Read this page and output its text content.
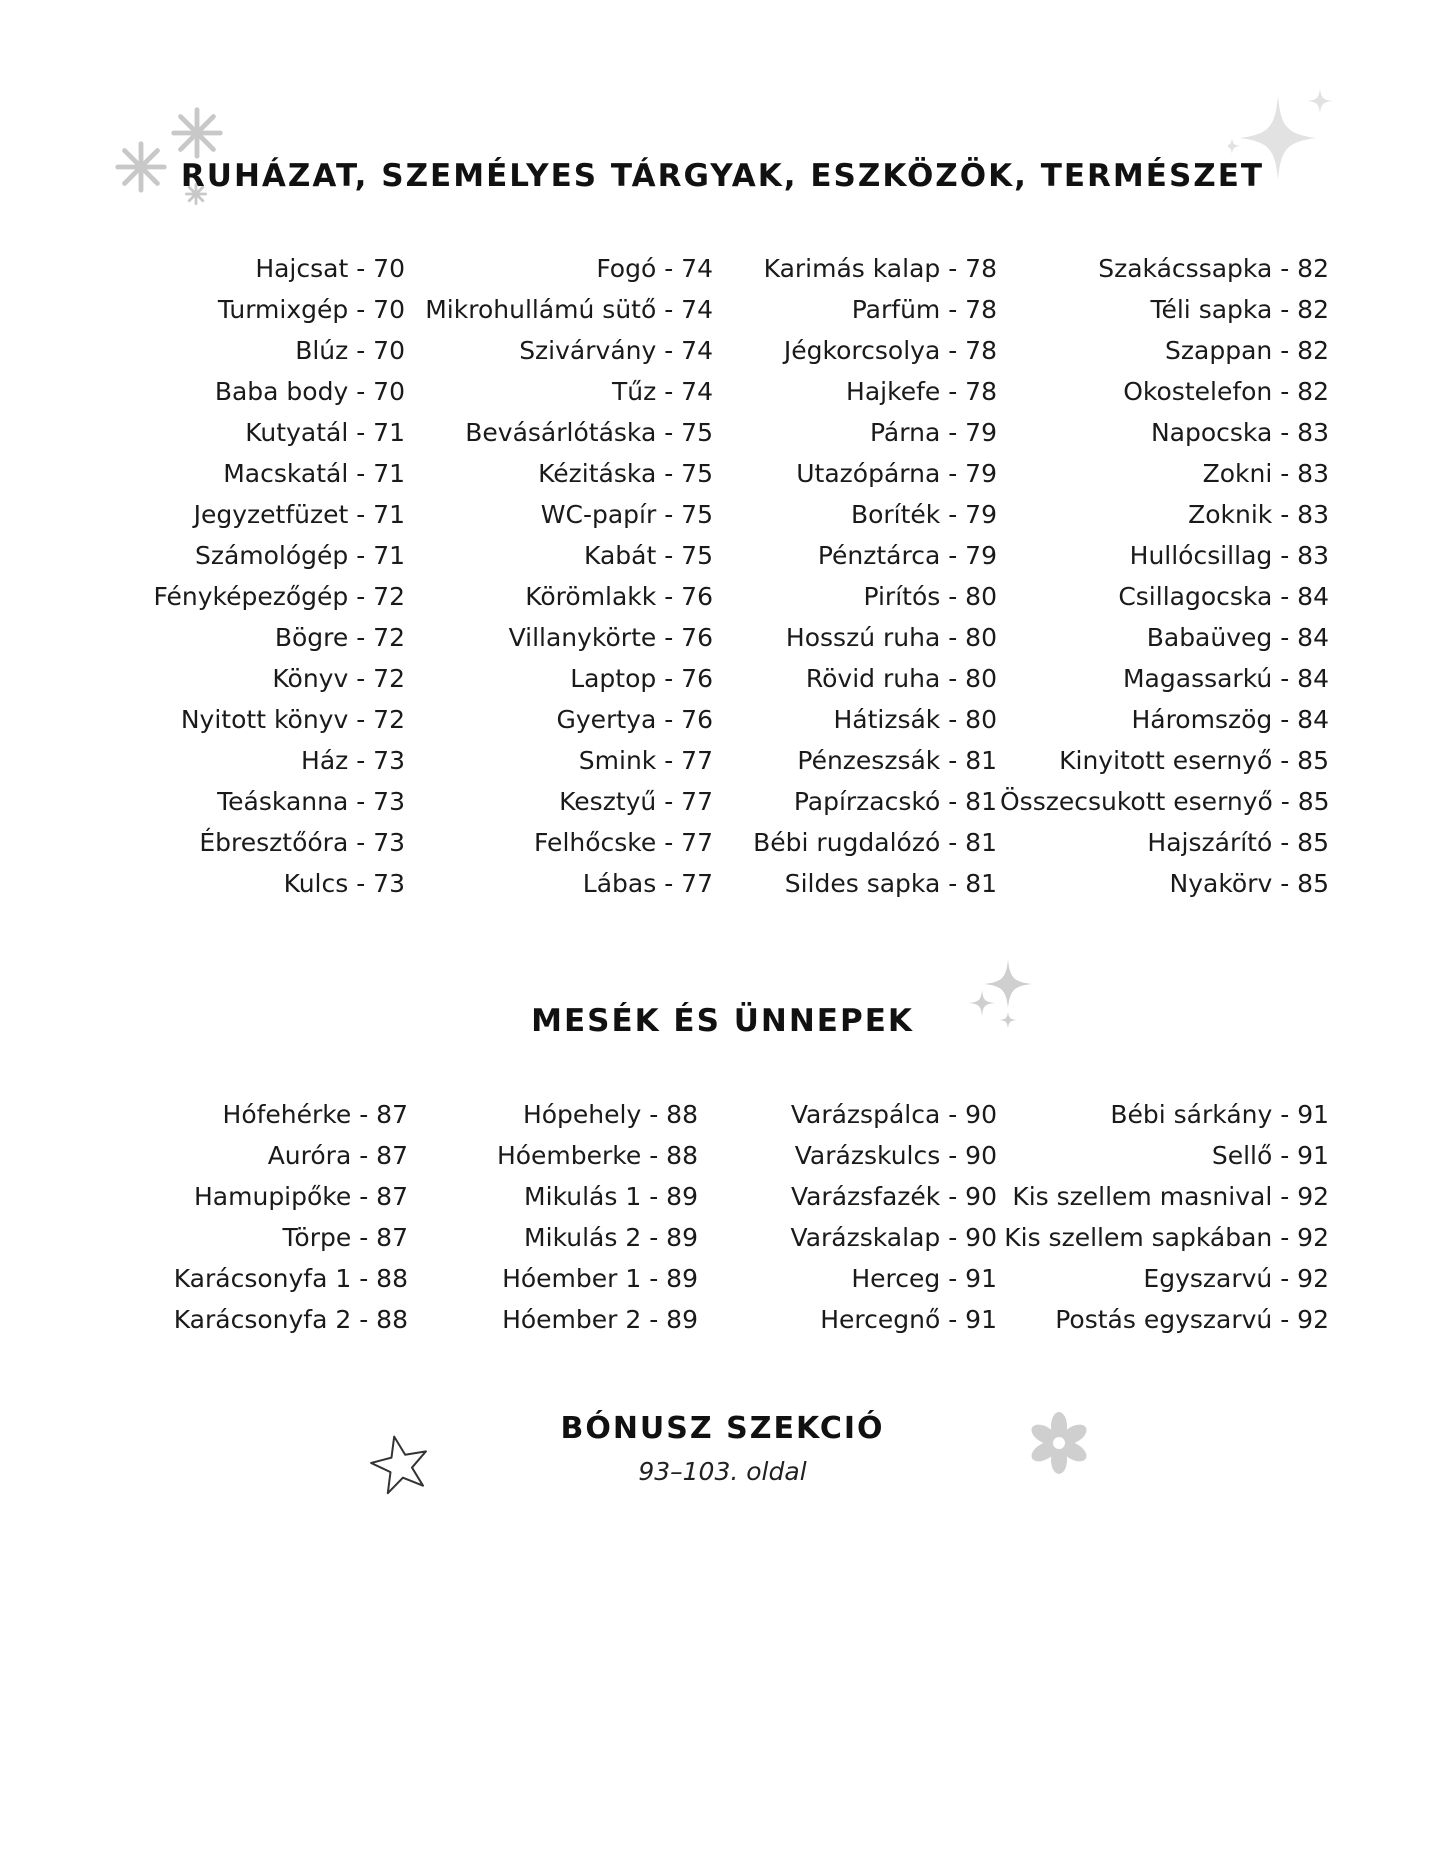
RUHÁZAT, SZEMÉLYES TÁRGYAK, ESZKÖZÖK, TERMÉSZET
Hajcsat - 70
Turmixgép - 70
Blúz - 70
Baba body - 70
Kutyatál - 71
Macskatál - 71
Jegyzetfüzet - 71
Számológép - 71
Fényképezőgép - 72
Bögre - 72
Könyv - 72
Nyitott könyv - 72
Ház - 73
Teáskanna - 73
Ébresztőóra - 73
Kulcs - 73
Fogó - 74
Mikrohullámú sütő - 74
Szivárvány - 74
Tűz - 74
Bevásárlótáska - 75
Kézitáska - 75
WC-papír - 75
Kabát - 75
Körömlakk - 76
Villanykörte - 76
Laptop - 76
Gyertya - 76
Smink - 77
Kesztyű - 77
Felhőcske - 77
Lábas - 77
Karimás kalap - 78
Parfüm - 78
Jégkorcsolya - 78
Hajkefe - 78
Párna - 79
Utazópárna - 79
Boríték - 79
Pénztárca - 79
Pirítós - 80
Hosszú ruha - 80
Rövid ruha - 80
Hátizsák - 80
Pénzeszsák - 81
Papírzacskó - 81
Bébi rugdalózó - 81
Sildes sapka - 81
Szakácssapka - 82
Téli sapka - 82
Szappan - 82
Okostelefon - 82
Napocska - 83
Zokni - 83
Zoknik - 83
Hullócsillag - 83
Csillagocska - 84
Babaüveg - 84
Magassarkú - 84
Háromszög - 84
Kinyitott esernyő - 85
Összecsukott esernyő - 85
Hajszárító - 85
Nyakörv - 85
MESÉK ÉS ÜNNEPEK
Hófehérke - 87
Auróra - 87
Hamupipőke - 87
Törpe - 87
Karácsonyfa 1 - 88
Karácsonyfa 2 - 88
Hópehely - 88
Hóemberke - 88
Mikulás 1 - 89
Mikulás 2 - 89
Hóember 1 - 89
Hóember 2 - 89
Varázspálca - 90
Varázskulcs - 90
Varázsfazék - 90
Varázskalap - 90
Herceg - 91
Hercegnő - 91
Bébi sárkány - 91
Sellő - 91
Kis szellem masnival - 92
Kis szellem sapkában - 92
Egyszarvú - 92
Postás egyszarvú - 92
BÓNUSZ SZEKCIÓ
93–103. oldal
